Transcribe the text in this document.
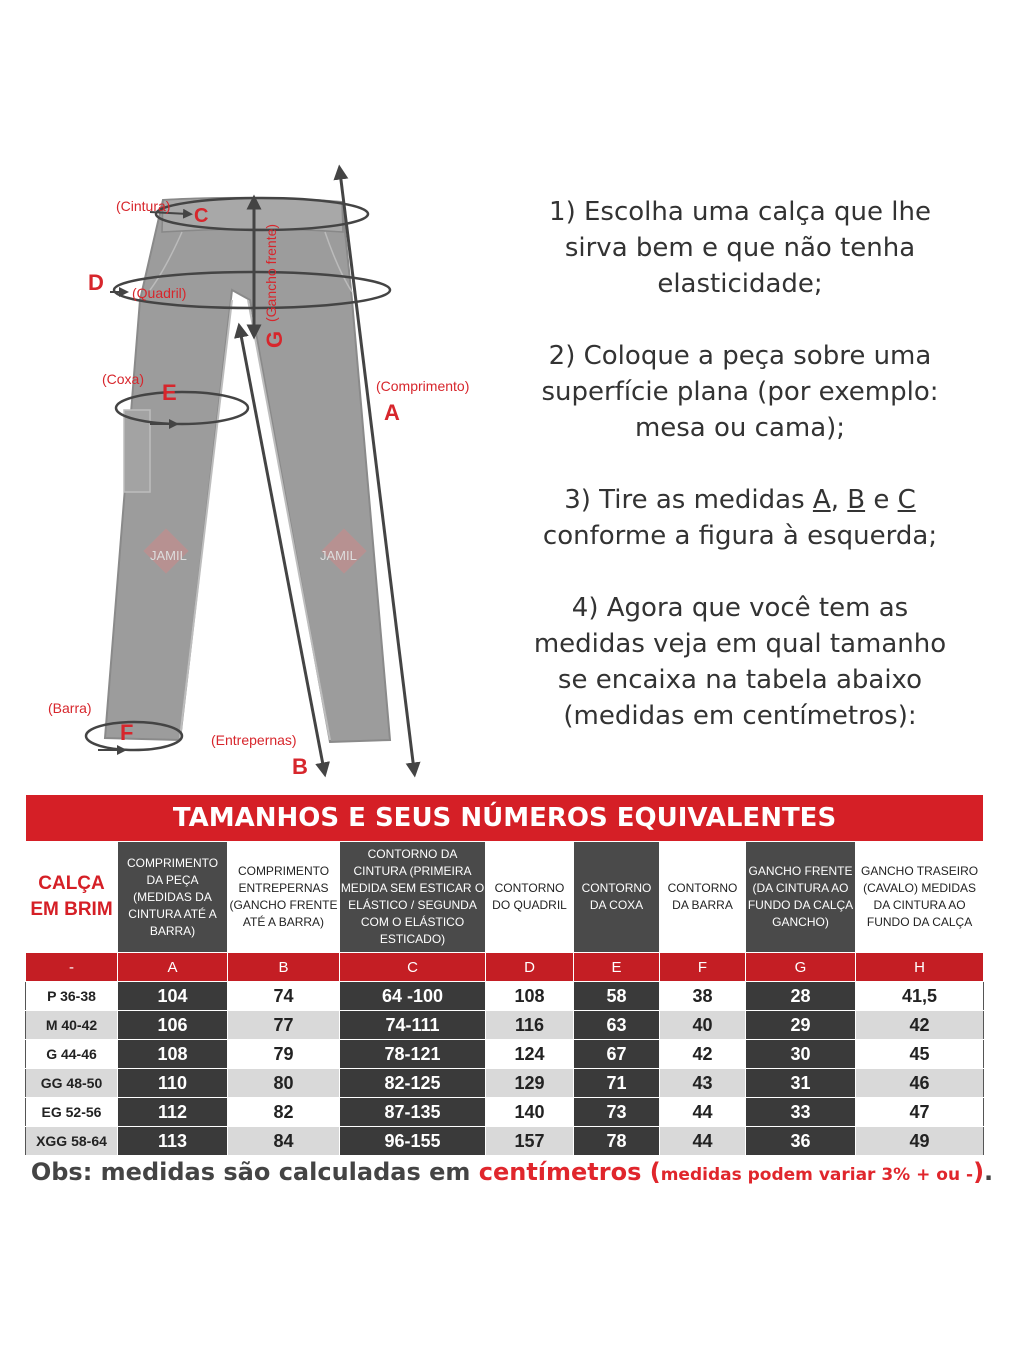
JAMIL	JAMIL
(Cintura) C
D (Quadril)	(Gancho frente)
G
(Coxa)
E	(Comprimento)
A
(Barra)
F	(Entrepernas)
B

1) Escolha uma calça que lhe sirva bem e que não tenha elasticidade;

2) Coloque a peça sobre uma superfície plana (por exemplo: mesa ou cama);

3) Tire as medidas A, B e C conforme a figura à esquerda;

4) Agora que você tem as medidas veja em qual tamanho se encaixa na tabela abaixo (medidas em centímetros):

TAMANHOS E SEUS NÚMEROS EQUIVALENTES								
CALÇA EM BRIM	COMPRIMENTO DA PEÇA (MEDIDAS DA CINTURA ATÉ A BARRA)	COMPRIMENTO ENTREPERNAS (GANCHO FRENTE ATÉ A BARRA)	CONTORNO DA CINTURA (PRIMEIRA MEDIDA SEM ESTICAR O ELÁSTICO / SEGUNDA COM O ELÁSTICO ESTICADO)	CONTORNO DO QUADRIL	CONTORNO DA COXA	CONTORNO DA BARRA	GANCHO FRENTE (DA CINTURA AO FUNDO DA CALÇA GANCHO)	GANCHO TRASEIRO (CAVALO) MEDIDAS DA CINTURA AO FUNDO DA CALÇA
-	A	B	C	D	E	F	G	H
P 36-38	104	74	64 -100	108	58	38	28	41,5
M 40-42	106	77	74-111	116	63	40	29	42
G 44-46	108	79	78-121	124	67	42	30	45
GG 48-50	110	80	82-125	129	71	43	31	46
EG 52-56	112	82	87-135	140	73	44	33	47
XGG 58-64	113	84	96-155	157	78	44	36	49
Obs: medidas são calculadas em centímetros (medidas podem variar 3% + ou -).
